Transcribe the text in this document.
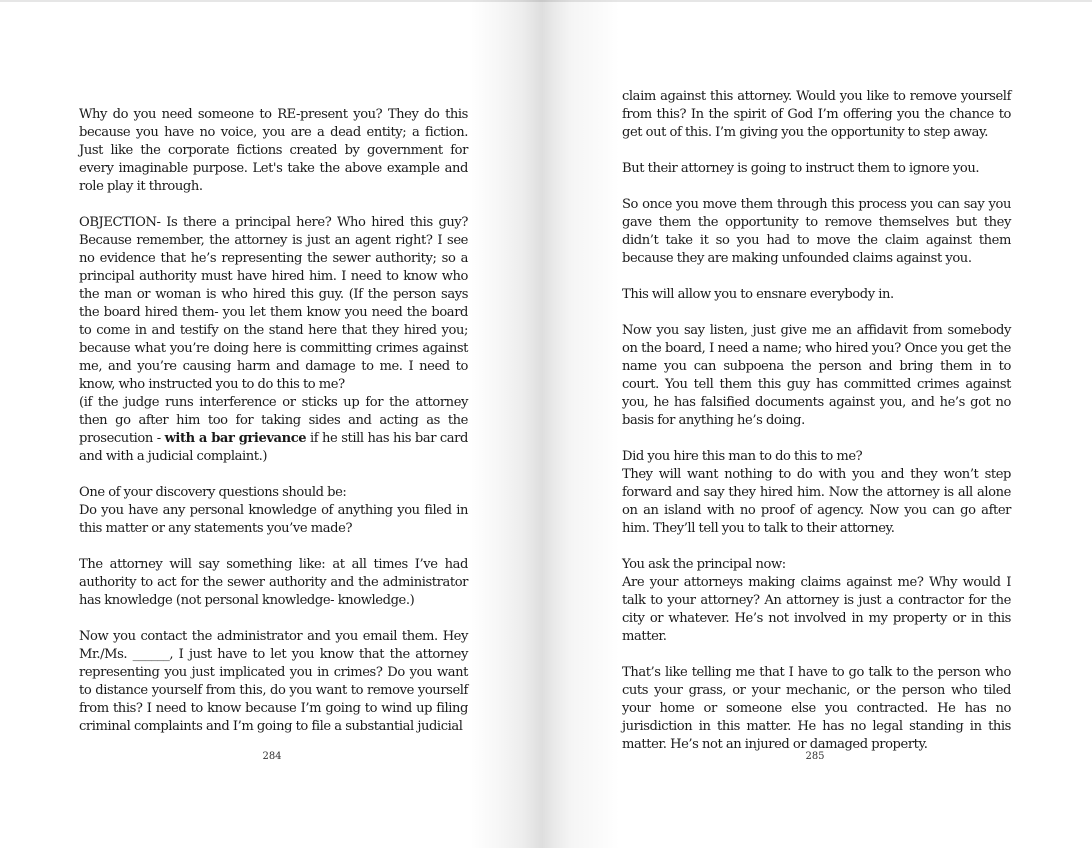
Why do you need someone to RE-present you? They do this because you have no voice, you are a dead entity; a fiction. Just like the corporate fictions created by government for every imaginable purpose. Let's take the above example and role play it through.

OBJECTION- Is there a principal here? Who hired this guy? Because remember, the attorney is just an agent right? I see no evidence that he’s representing the sewer authority; so a principal authority must have hired him. I need to know who the man or woman is who hired this guy. (If the person says the board hired them- you let them know you need the board to come in and testify on the stand here that they hired you; because what you’re doing here is committing crimes against me, and you’re causing harm and damage to me. I need to know, who instructed you to do this to me?

(if the judge runs interference or sticks up for the attorney then go after him too for taking sides and acting as the prosecution - with a bar grievance if he still has his bar card and with a judicial complaint.)

One of your discovery questions should be:
Do you have any personal knowledge of anything you filed in this matter or any statements you’ve made?

The attorney will say something like: at all times I’ve had authority to act for the sewer authority and the administrator has knowledge (not personal knowledge- knowledge.)

Now you contact the administrator and you email them. Hey Mr./Ms. ______, I just have to let you know that the attorney representing you just implicated you in crimes? Do you want to distance yourself from this, do you want to remove yourself from this? I need to know because I’m going to wind up filing criminal complaints and I’m going to file a substantial judicial

284

claim against this attorney. Would you like to remove yourself from this? In the spirit of God I’m offering you the chance to get out of this. I’m giving you the opportunity to step away.

But their attorney is going to instruct them to ignore you.

So once you move them through this process you can say you gave them the opportunity to remove themselves but they didn’t take it so you had to move the claim against them because they are making unfounded claims against you.

This will allow you to ensnare everybody in.

Now you say listen, just give me an affidavit from somebody on the board, I need a name; who hired you? Once you get the name you can subpoena the person and bring them in to court. You tell them this guy has committed crimes against you, he has falsified documents against you, and he’s got no basis for anything he’s doing.

Did you hire this man to do this to me?
They will want nothing to do with you and they won’t step forward and say they hired him. Now the attorney is all alone on an island with no proof of agency. Now you can go after him. They’ll tell you to talk to their attorney.

You ask the principal now:
Are your attorneys making claims against me? Why would I talk to your attorney? An attorney is just a contractor for the city or whatever. He’s not involved in my property or in this matter.

That’s like telling me that I have to go talk to the person who cuts your grass, or your mechanic, or the person who tiled your home or someone else you contracted. He has no jurisdiction in this matter. He has no legal standing in this matter. He’s not an injured or damaged property.

285
